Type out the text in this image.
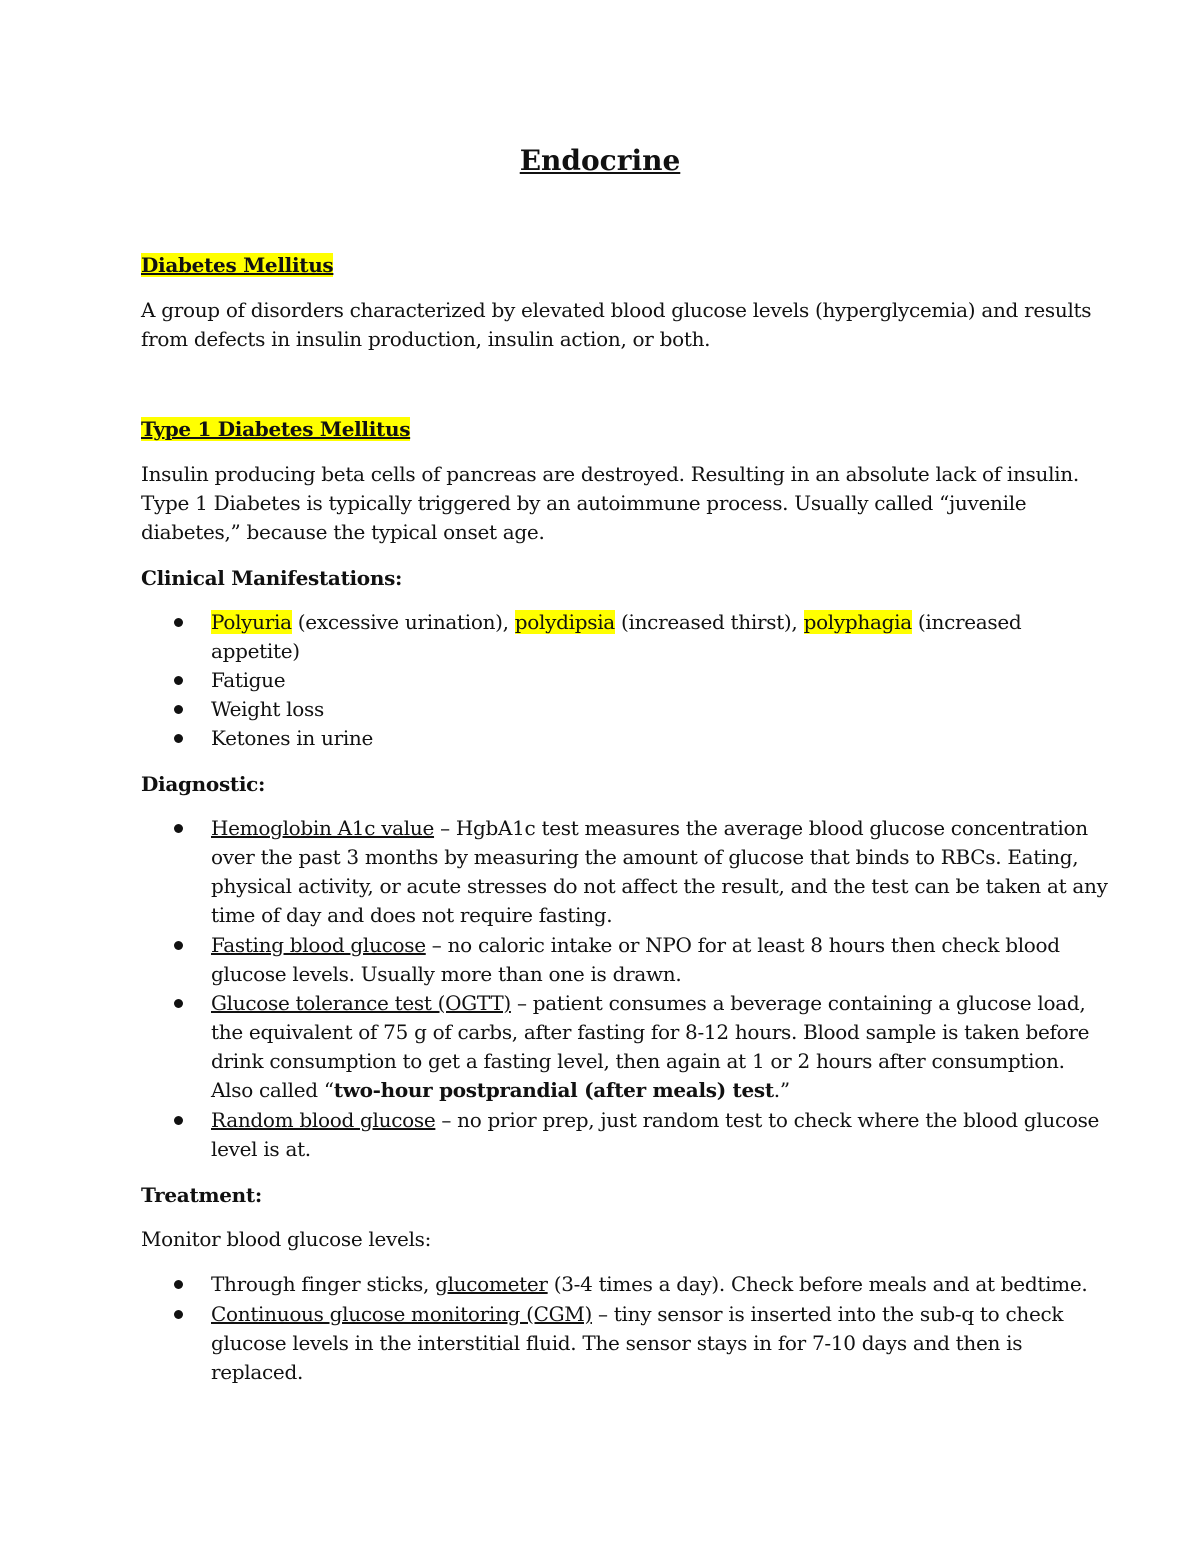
Endocrine
Diabetes Mellitus
A group of disorders characterized by elevated blood glucose levels (hyperglycemia) and results
from defects in insulin production, insulin action, or both.
Type 1 Diabetes Mellitus
Insulin producing beta cells of pancreas are destroyed. Resulting in an absolute lack of insulin.
Type 1 Diabetes is typically triggered by an autoimmune process. Usually called “juvenile
diabetes,” because the typical onset age.
Clinical Manifestations:
Polyuria (excessive urination), polydipsia (increased thirst), polyphagia (increased
appetite)
Fatigue
Weight loss
Ketones in urine
Diagnostic:
Hemoglobin A1c value – HgbA1c test measures the average blood glucose concentration
over the past 3 months by measuring the amount of glucose that binds to RBCs. Eating,
physical activity, or acute stresses do not affect the result, and the test can be taken at any
time of day and does not require fasting.
Fasting blood glucose – no caloric intake or NPO for at least 8 hours then check blood
glucose levels. Usually more than one is drawn.
Glucose tolerance test (OGTT) – patient consumes a beverage containing a glucose load,
the equivalent of 75 g of carbs, after fasting for 8-12 hours. Blood sample is taken before
drink consumption to get a fasting level, then again at 1 or 2 hours after consumption.
Also called “two-hour postprandial (after meals) test.”
Random blood glucose – no prior prep, just random test to check where the blood glucose
level is at.
Treatment:
Monitor blood glucose levels:
Through finger sticks, glucometer (3-4 times a day). Check before meals and at bedtime.
Continuous glucose monitoring (CGM) – tiny sensor is inserted into the sub-q to check
glucose levels in the interstitial fluid. The sensor stays in for 7-10 days and then is
replaced.
